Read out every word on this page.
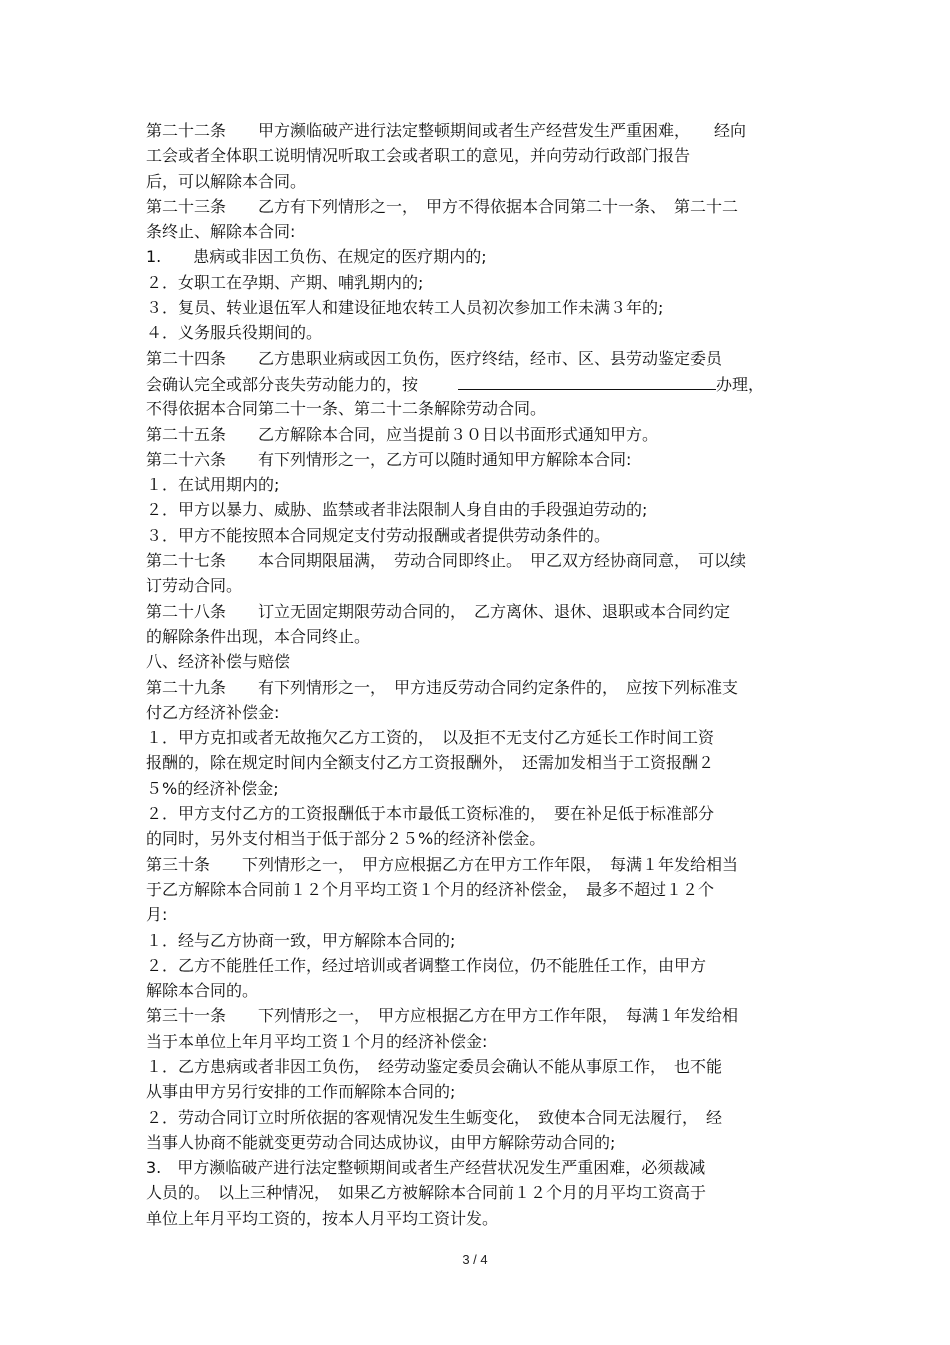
第二十二条　　甲方濒临破产进行法定整顿期间或者生产经营发生严重困难，　　经向
工会或者全体职工说明情况听取工会或者职工的意见，并向劳动行政部门报告
后，可以解除本合同。
第二十三条　　乙方有下列情形之一，　甲方不得依据本合同第二十一条、　第二十二
条终止、解除本合同:
1.　　患病或非因工负伤、在规定的医疗期内的;
２．女职工在孕期、产期、哺乳期内的;
３．复员、转业退伍军人和建设征地农转工人员初次参加工作未满３年的;
４．义务服兵役期间的。
第二十四条　　乙方患职业病或因工负伤，医疗终结，经市、区、县劳动鉴定委员
会确认完全或部分丧失劳动能力的，按	办理，
不得依据本合同第二十一条、第二十二条解除劳动合同。
第二十五条　　乙方解除本合同，应当提前３０日以书面形式通知甲方。
第二十六条　　有下列情形之一，乙方可以随时通知甲方解除本合同:
１．在试用期内的;
２．甲方以暴力、威胁、监禁或者非法限制人身自由的手段强迫劳动的;
３．甲方不能按照本合同规定支付劳动报酬或者提供劳动条件的。
第二十七条　　本合同期限届满，　劳动合同即终止。　甲乙双方经协商同意，　可以续
订劳动合同。
第二十八条　　订立无固定期限劳动合同的，　乙方离休、退休、退职或本合同约定
的解除条件出现，本合同终止。
八、经济补偿与赔偿
第二十九条　　有下列情形之一，　甲方违反劳动合同约定条件的，　应按下列标准支
付乙方经济补偿金:
１．甲方克扣或者无故拖欠乙方工资的，　以及拒不无支付乙方延长工作时间工资
报酬的，除在规定时间内全额支付乙方工资报酬外，　还需加发相当于工资报酬２
５%的经济补偿金;
２．甲方支付乙方的工资报酬低于本市最低工资标准的，　要在补足低于标准部分
的同时，另外支付相当于低于部分２５%的经济补偿金。
第三十条　　下列情形之一，　甲方应根据乙方在甲方工作年限，　每满１年发给相当
于乙方解除本合同前１２个月平均工资１个月的经济补偿金，　最多不超过１２个
月:
１．经与乙方协商一致，甲方解除本合同的;
２．乙方不能胜任工作，经过培训或者调整工作岗位，仍不能胜任工作，由甲方
解除本合同的。
第三十一条　　下列情形之一，　甲方应根据乙方在甲方工作年限，　每满１年发给相
当于本单位上年月平均工资１个月的经济补偿金:
１．乙方患病或者非因工负伤，　经劳动鉴定委员会确认不能从事原工作，　也不能
从事由甲方另行安排的工作而解除本合同的;
２．劳动合同订立时所依据的客观情况发生生蛎变化，　致使本合同无法履行，　经
当事人协商不能就变更劳动合同达成协议，由甲方解除劳动合同的;
3.　甲方濒临破产进行法定整顿期间或者生产经营状况发生严重困难，必须裁减
人员的。　以上三种情况，　如果乙方被解除本合同前１２个月的月平均工资高于
单位上年月平均工资的，按本人月平均工资计发。
3 / 4
